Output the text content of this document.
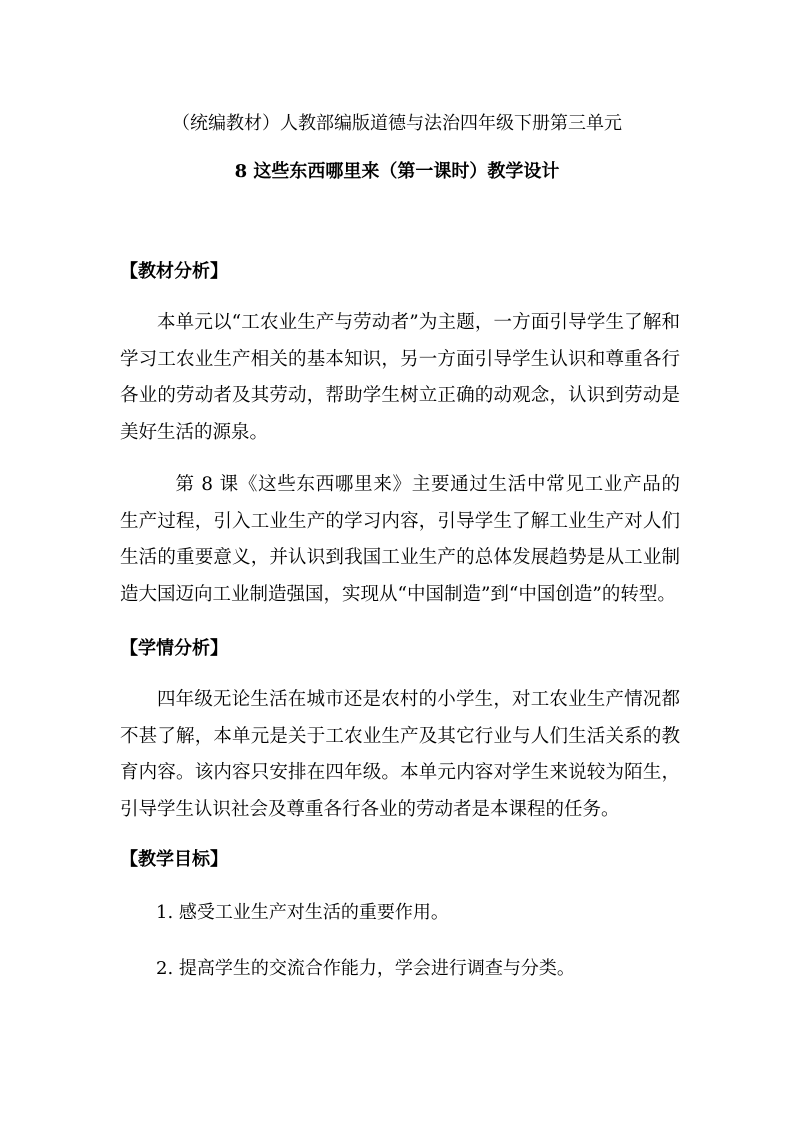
（统编教材）人教部编版道德与法治四年级下册第三单元
8 这些东西哪里来（第一课时）教学设计
【教材分析】

本单元以“工农业生产与劳动者”为主题，一方面引导学生了解和学习工农业生产相关的基本知识，另一方面引导学生认识和尊重各行各业的劳动者及其劳动，帮助学生树立正确的动观念，认识到劳动是美好生活的源泉。

第 8 课《这些东西哪里来》主要通过生活中常见工业产品的生产过程，引入工业生产的学习内容，引导学生了解工业生产对人们生活的重要意义，并认识到我国工业生产的总体发展趋势是从工业制造大国迈向工业制造强国，实现从“中国制造”到“中国创造”的转型。

【学情分析】

四年级无论生活在城市还是农村的小学生，对工农业生产情况都不甚了解，本单元是关于工农业生产及其它行业与人们生活关系的教育内容。该内容只安排在四年级。本单元内容对学生来说较为陌生，引导学生认识社会及尊重各行各业的劳动者是本课程的任务。

【教学目标】
1. 感受工业生产对生活的重要作用。
2. 提高学生的交流合作能力，学会进行调查与分类。
